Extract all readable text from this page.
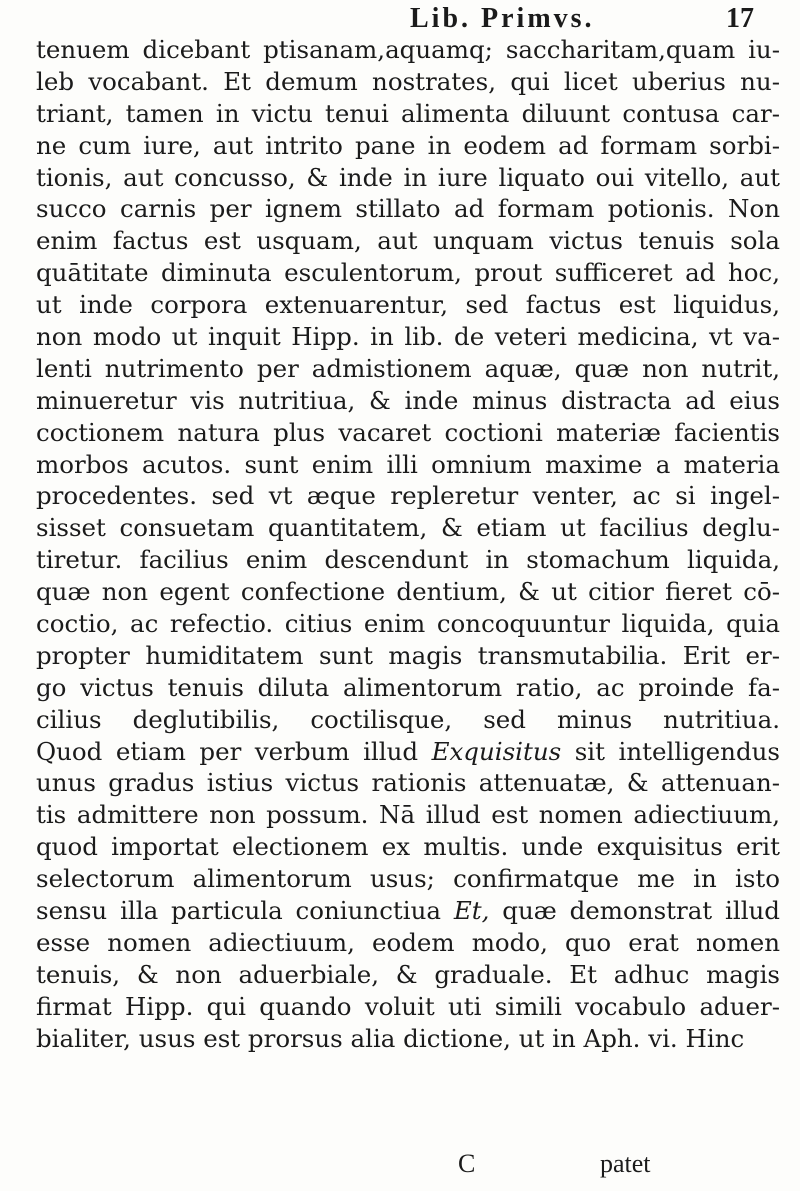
Lib. Primvs.	17
tenuem dicebant ptisanam,aquamq; saccharitam,quam iu-
leb vocabant. Et demum nostrates, qui licet uberius nu-
triant, tamen in victu tenui alimenta diluunt contusa car-
ne cum iure, aut intrito pane in eodem ad formam sorbi-
tionis, aut concusso, & inde in iure liquato oui vitello, aut
succo carnis per ignem stillato ad formam potionis. Non
enim factus est usquam, aut unquam victus tenuis sola
quātitate diminuta esculentorum, prout sufficeret ad hoc,
ut inde corpora extenuarentur, sed factus est liquidus,
non modo ut inquit Hipp. in lib. de veteri medicina, vt va-
lenti nutrimento per admistionem aquæ, quæ non nutrit,
minueretur vis nutritiua, & inde minus distracta ad eius
coctionem natura plus vacaret coctioni materiæ facientis
morbos acutos. sunt enim illi omnium maxime a materia
procedentes. sed vt æque repleretur venter, ac si ingel-
sisset consuetam quantitatem, & etiam ut facilius deglu-
tiretur. facilius enim descendunt in stomachum liquida,
quæ non egent confectione dentium, & ut citior fieret cō-
coctio, ac refectio. citius enim concoquuntur liquida, quia
propter humiditatem sunt magis transmutabilia. Erit er-
go victus tenuis diluta alimentorum ratio, ac proinde fa-
cilius deglutibilis, coctilisque, sed minus nutritiua.
Quod etiam per verbum illud Exquisitus sit intelligendus
unus gradus istius victus rationis attenuatæ, & attenuan-
tis admittere non possum. Nā illud est nomen adiectiuum,
quod importat electionem ex multis. unde exquisitus erit
selectorum alimentorum usus; confirmatque me in isto
sensu illa particula coniunctiua Et, quæ demonstrat illud
esse nomen adiectiuum, eodem modo, quo erat nomen
tenuis, & non aduerbiale, & graduale. Et adhuc magis
firmat Hipp. qui quando voluit uti simili vocabulo aduer-
bialiter, usus est prorsus alia dictione, ut in Aph. vi. Hinc
C	patet
